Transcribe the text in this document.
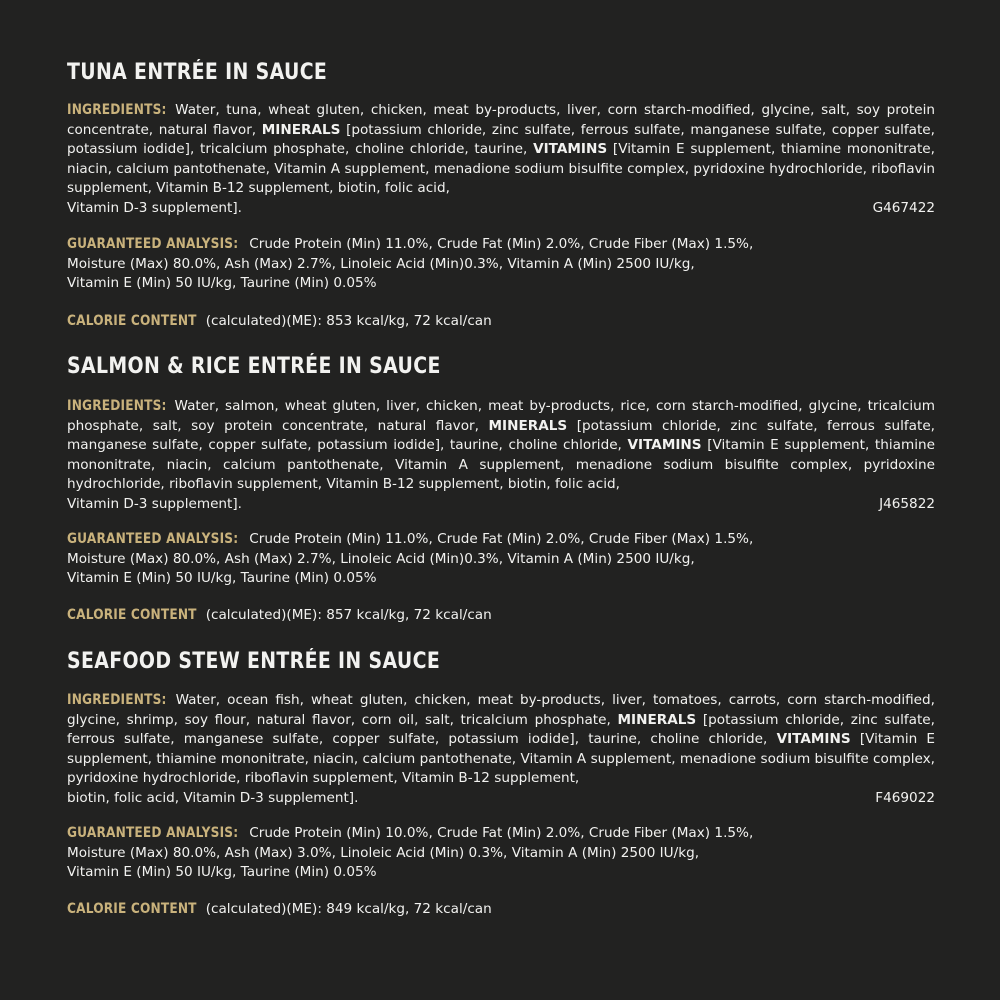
TUNA ENTRÉE IN SAUCE

INGREDIENTS: Water, tuna, wheat gluten, chicken, meat by-products, liver, corn starch-modified, glycine, salt, soy protein concentrate, natural flavor, MINERALS [potassium chloride, zinc sulfate, ferrous sulfate, manganese sulfate, copper sulfate, potassium iodide], tricalcium phosphate, choline chloride, taurine, VITAMINS [Vitamin E supplement, thiamine mononitrate, niacin, calcium pantothenate, Vitamin A supplement, menadione sodium bisulfite complex, pyridoxine hydrochloride, riboflavin supplement, Vitamin B-12 supplement, biotin, folic acid,

Vitamin D-3 supplement].	G467422

GUARANTEED ANALYSIS: Crude Protein (Min) 11.0%, Crude Fat (Min) 2.0%, Crude Fiber (Max) 1.5%,
Moisture (Max) 80.0%, Ash (Max) 2.7%, Linoleic Acid (Min)0.3%, Vitamin A (Min) 2500 IU/kg,
Vitamin E (Min) 50 IU/kg, Taurine (Min) 0.05%

CALORIE CONTENT (calculated)(ME): 853 kcal/kg, 72 kcal/can

SALMON & RICE ENTRÉE IN SAUCE

INGREDIENTS: Water, salmon, wheat gluten, liver, chicken, meat by-products, rice, corn starch-modified, glycine, tricalcium phosphate, salt, soy protein concentrate, natural flavor, MINERALS [potassium chloride, zinc sulfate, ferrous sulfate, manganese sulfate, copper sulfate, potassium iodide], taurine, choline chloride, VITAMINS [Vitamin E supplement, thiamine mononitrate, niacin, calcium pantothenate, Vitamin A supplement, menadione sodium bisulfite complex, pyridoxine hydrochloride, riboflavin supplement, Vitamin B-12 supplement, biotin, folic acid,

Vitamin D-3 supplement].	J465822

GUARANTEED ANALYSIS: Crude Protein (Min) 11.0%, Crude Fat (Min) 2.0%, Crude Fiber (Max) 1.5%,
Moisture (Max) 80.0%, Ash (Max) 2.7%, Linoleic Acid (Min)0.3%, Vitamin A (Min) 2500 IU/kg,
Vitamin E (Min) 50 IU/kg, Taurine (Min) 0.05%

CALORIE CONTENT (calculated)(ME): 857 kcal/kg, 72 kcal/can

SEAFOOD STEW ENTRÉE IN SAUCE

INGREDIENTS: Water, ocean fish, wheat gluten, chicken, meat by-products, liver, tomatoes, carrots, corn starch-modified, glycine, shrimp, soy flour, natural flavor, corn oil, salt, tricalcium phosphate, MINERALS [potassium chloride, zinc sulfate, ferrous sulfate, manganese sulfate, copper sulfate, potassium iodide], taurine, choline chloride, VITAMINS [Vitamin E supplement, thiamine mononitrate, niacin, calcium pantothenate, Vitamin A supplement, menadione sodium bisulfite complex, pyridoxine hydrochloride, riboflavin supplement, Vitamin B-12 supplement,

biotin, folic acid, Vitamin D-3 supplement].	F469022

GUARANTEED ANALYSIS: Crude Protein (Min) 10.0%, Crude Fat (Min) 2.0%, Crude Fiber (Max) 1.5%,
Moisture (Max) 80.0%, Ash (Max) 3.0%, Linoleic Acid (Min) 0.3%, Vitamin A (Min) 2500 IU/kg,
Vitamin E (Min) 50 IU/kg, Taurine (Min) 0.05%

CALORIE CONTENT (calculated)(ME): 849 kcal/kg, 72 kcal/can
